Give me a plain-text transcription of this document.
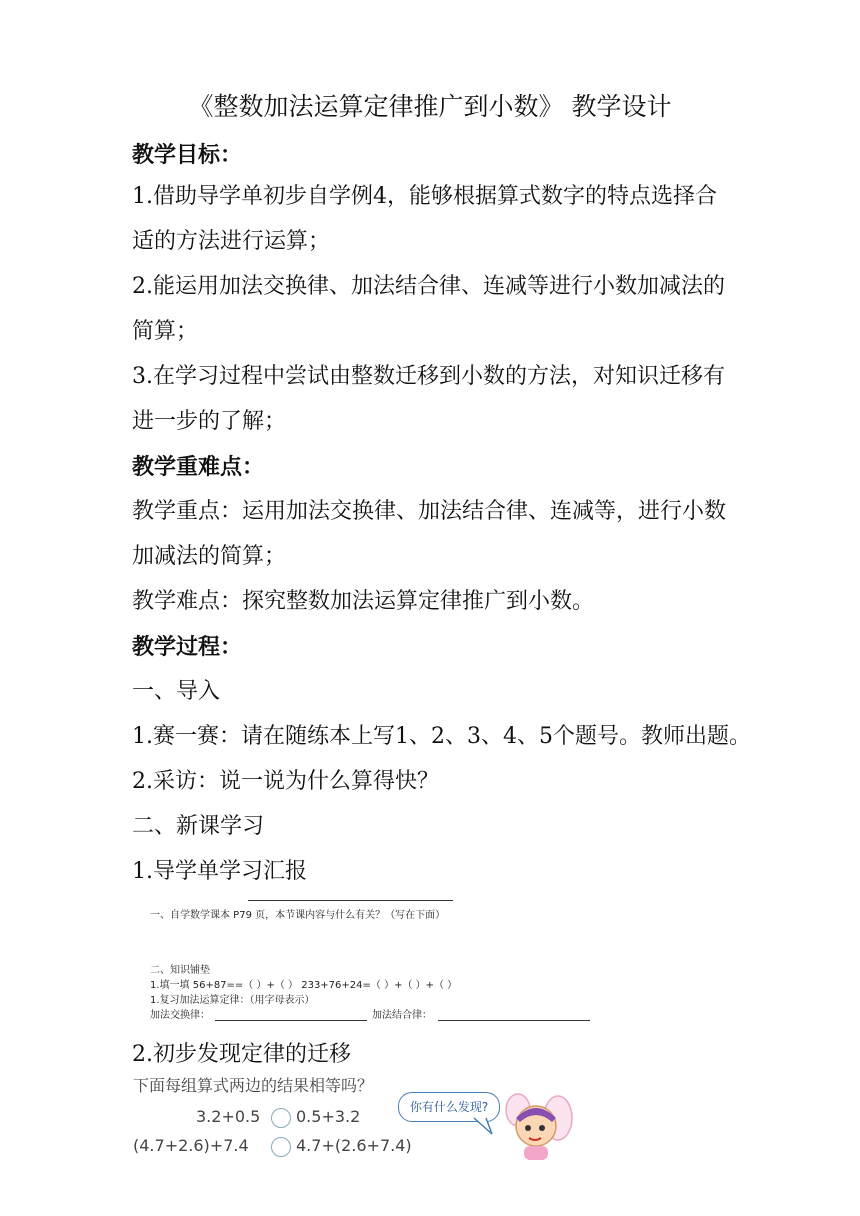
《整数加法运算定律推广到小数》 教学设计
教学目标：
1.借助导学单初步自学例4，能够根据算式数字的特点选择合
适的方法进行运算；
2.能运用加法交换律、加法结合律、连减等进行小数加减法的
简算；
3.在学习过程中尝试由整数迁移到小数的方法，对知识迁移有
进一步的了解；
教学重难点：
教学重点：运用加法交换律、加法结合律、连减等，进行小数
加减法的简算；
教学难点：探究整数加法运算定律推广到小数。
教学过程：
一、导入
1.赛一赛：请在随练本上写1、2、3、4、5个题号。教师出题。
2.采访：说一说为什么算得快？
二、新课学习
1.导学单学习汇报
一、自学数学课本 P79 页，本节课内容与什么有关？（写在下面）
二、知识铺垫
1.填一填 56+87==（ ）+（ ） 233+76+24=（ ）+（ ）+（ ）
1.复习加法运算定律：（用字母表示）
加法交换律：	加法结合律：
2.初步发现定律的迁移
下面每组算式两边的结果相等吗？
3.2+0.5 0.5+3.2
(4.7+2.6)+7.4	4.7+(2.6+7.4)
你有什么发现?
